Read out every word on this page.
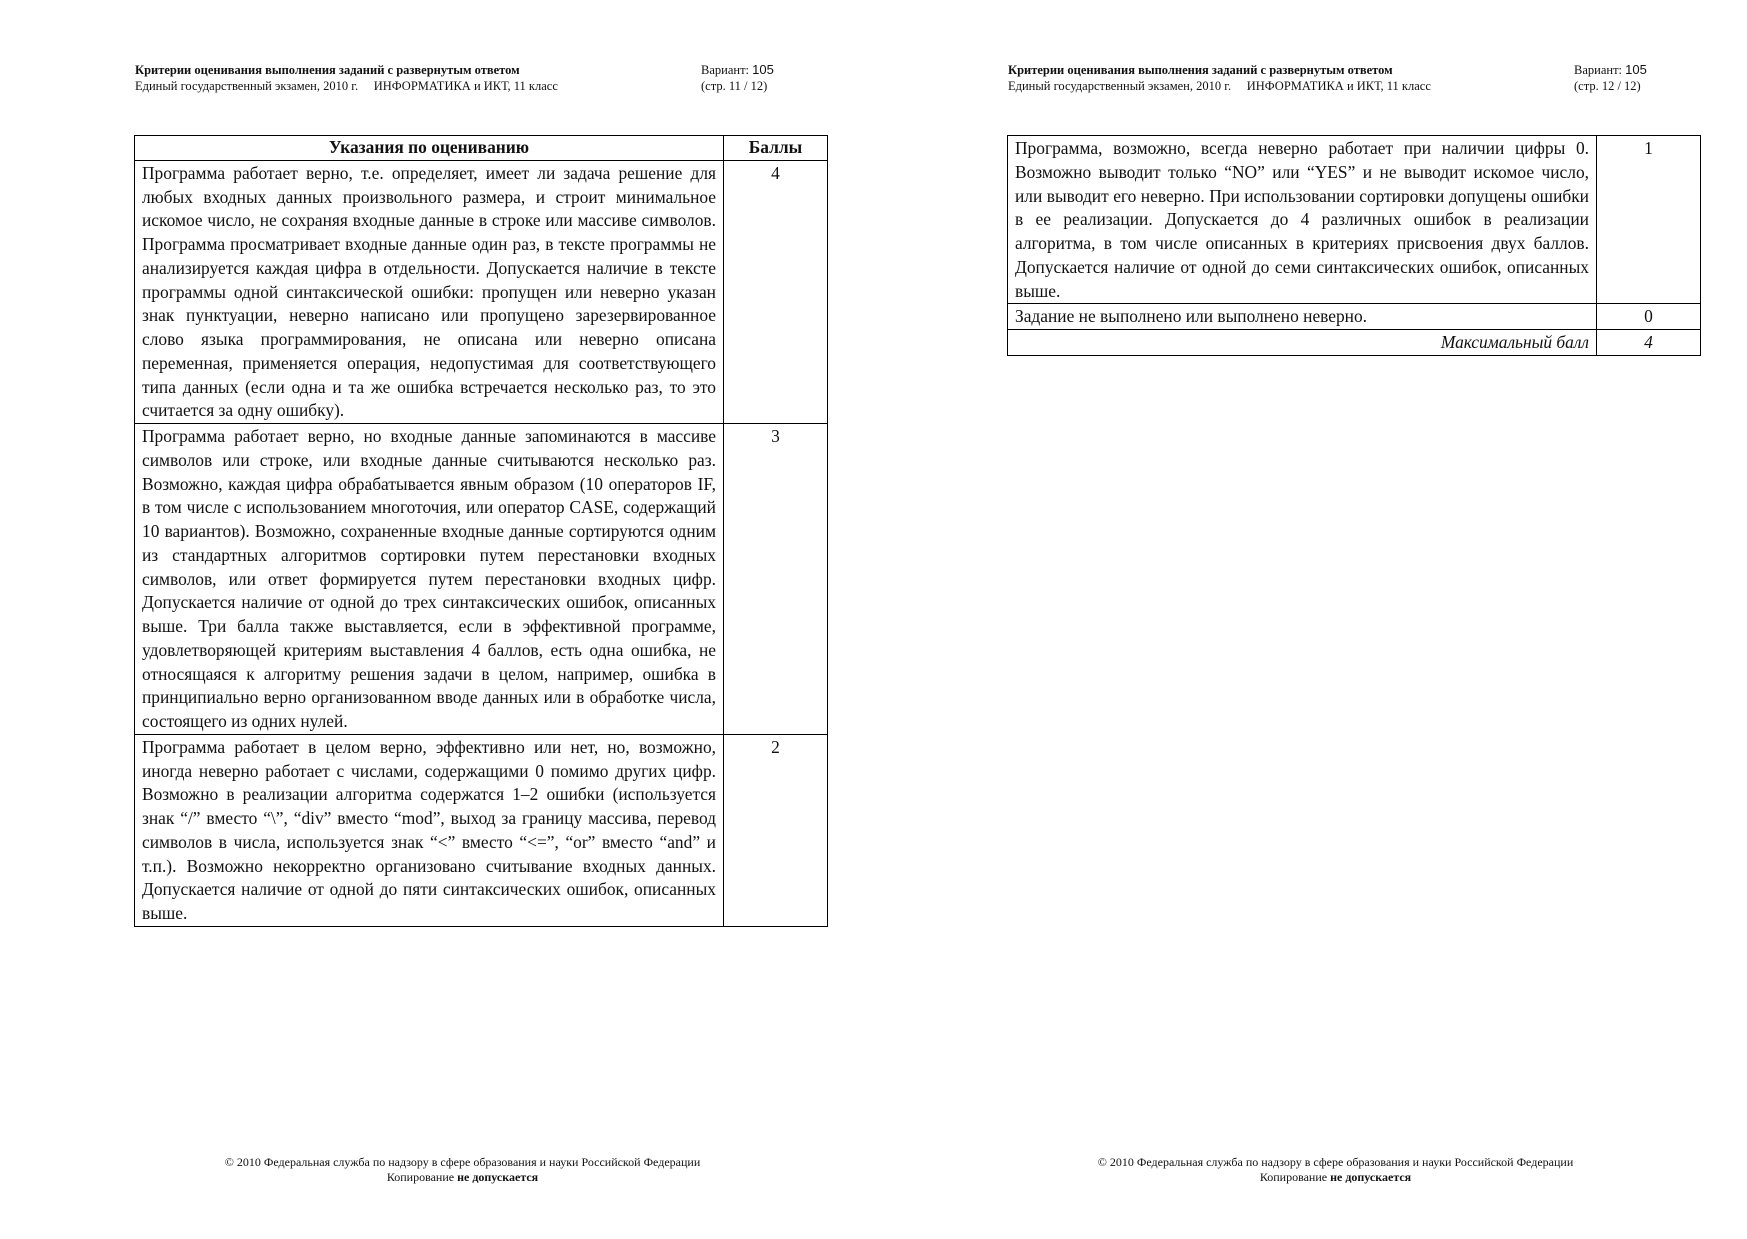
Критерии оценивания выполнения заданий с развернутым ответом
Единый государственный экзамен, 2010 г. ИНФОРМАТИКА и ИКТ, 11 класс
Вариант: 105
(стр. 11 / 12)
Указания по оцениванию	Баллы
Программа работает верно, т.е. определяет, имеет ли задача решение для любых входных данных произвольного размера, и строит минимальное искомое число, не сохраняя входные данные в строке или массиве символов. Программа просматривает входные данные один раз, в тексте программы не анализируется каждая цифра в отдельности. Допускается наличие в тексте программы одной синтаксической ошибки: пропущен или неверно указан знак пунктуации, неверно написано или пропущено зарезервированное слово языка программирования, не описана или неверно описана переменная, применяется операция, недопустимая для соответствующего типа данных (если одна и та же ошибка встречается несколько раз, то это считается за одну ошибку).	4
Программа работает верно, но входные данные запоминаются в массиве символов или строке, или входные данные считываются несколько раз. Возможно, каждая цифра обрабатывается явным образом (10 операторов IF, в том числе с использованием многоточия, или оператор CASE, содержащий 10 вариантов). Возможно, сохраненные входные данные сортируются одним из стандартных алгоритмов сортировки путем перестановки входных символов, или ответ формируется путем перестановки входных цифр. Допускается наличие от одной до трех синтаксических ошибок, описанных выше. Три балла также выставляется, если в эффективной программе, удовлетворяющей критериям выставления 4 баллов, есть одна ошибка, не относящаяся к алгоритму решения задачи в целом, например, ошибка в принципиально верно организованном вводе данных или в обработке числа, состоящего из одних нулей.	3
Программа работает в целом верно, эффективно или нет, но, возможно, иногда неверно работает с числами, содержащими 0 помимо других цифр. Возможно в реализации алгоритма содержатся 1–2 ошибки (используется знак “/” вместо “\”, “div” вместо “mod”, выход за границу массива, перевод символов в числа, используется знак “<” вместо “<=”, “or” вместо “and” и т.п.). Возможно некорректно организовано считывание входных данных. Допускается наличие от одной до пяти синтаксических ошибок, описанных выше.	2
© 2010 Федеральная служба по надзору в сфере образования и науки Российской Федерации
Копирование не допускается
Критерии оценивания выполнения заданий с развернутым ответом
Единый государственный экзамен, 2010 г. ИНФОРМАТИКА и ИКТ, 11 класс
Вариант: 105
(стр. 12 / 12)
Программа, возможно, всегда неверно работает при наличии цифры 0. Возможно выводит только “NO” или “YES” и не выводит искомое число, или выводит его неверно. При использовании сортировки допущены ошибки в ее реализации. Допускается до 4 различных ошибок в реализации алгоритма, в том числе описанных в критериях присвоения двух баллов. Допускается наличие от одной до семи синтаксических ошибок, описанных выше.	1
Задание не выполнено или выполнено неверно.	0
Максимальный балл	4
© 2010 Федеральная служба по надзору в сфере образования и науки Российской Федерации
Копирование не допускается
